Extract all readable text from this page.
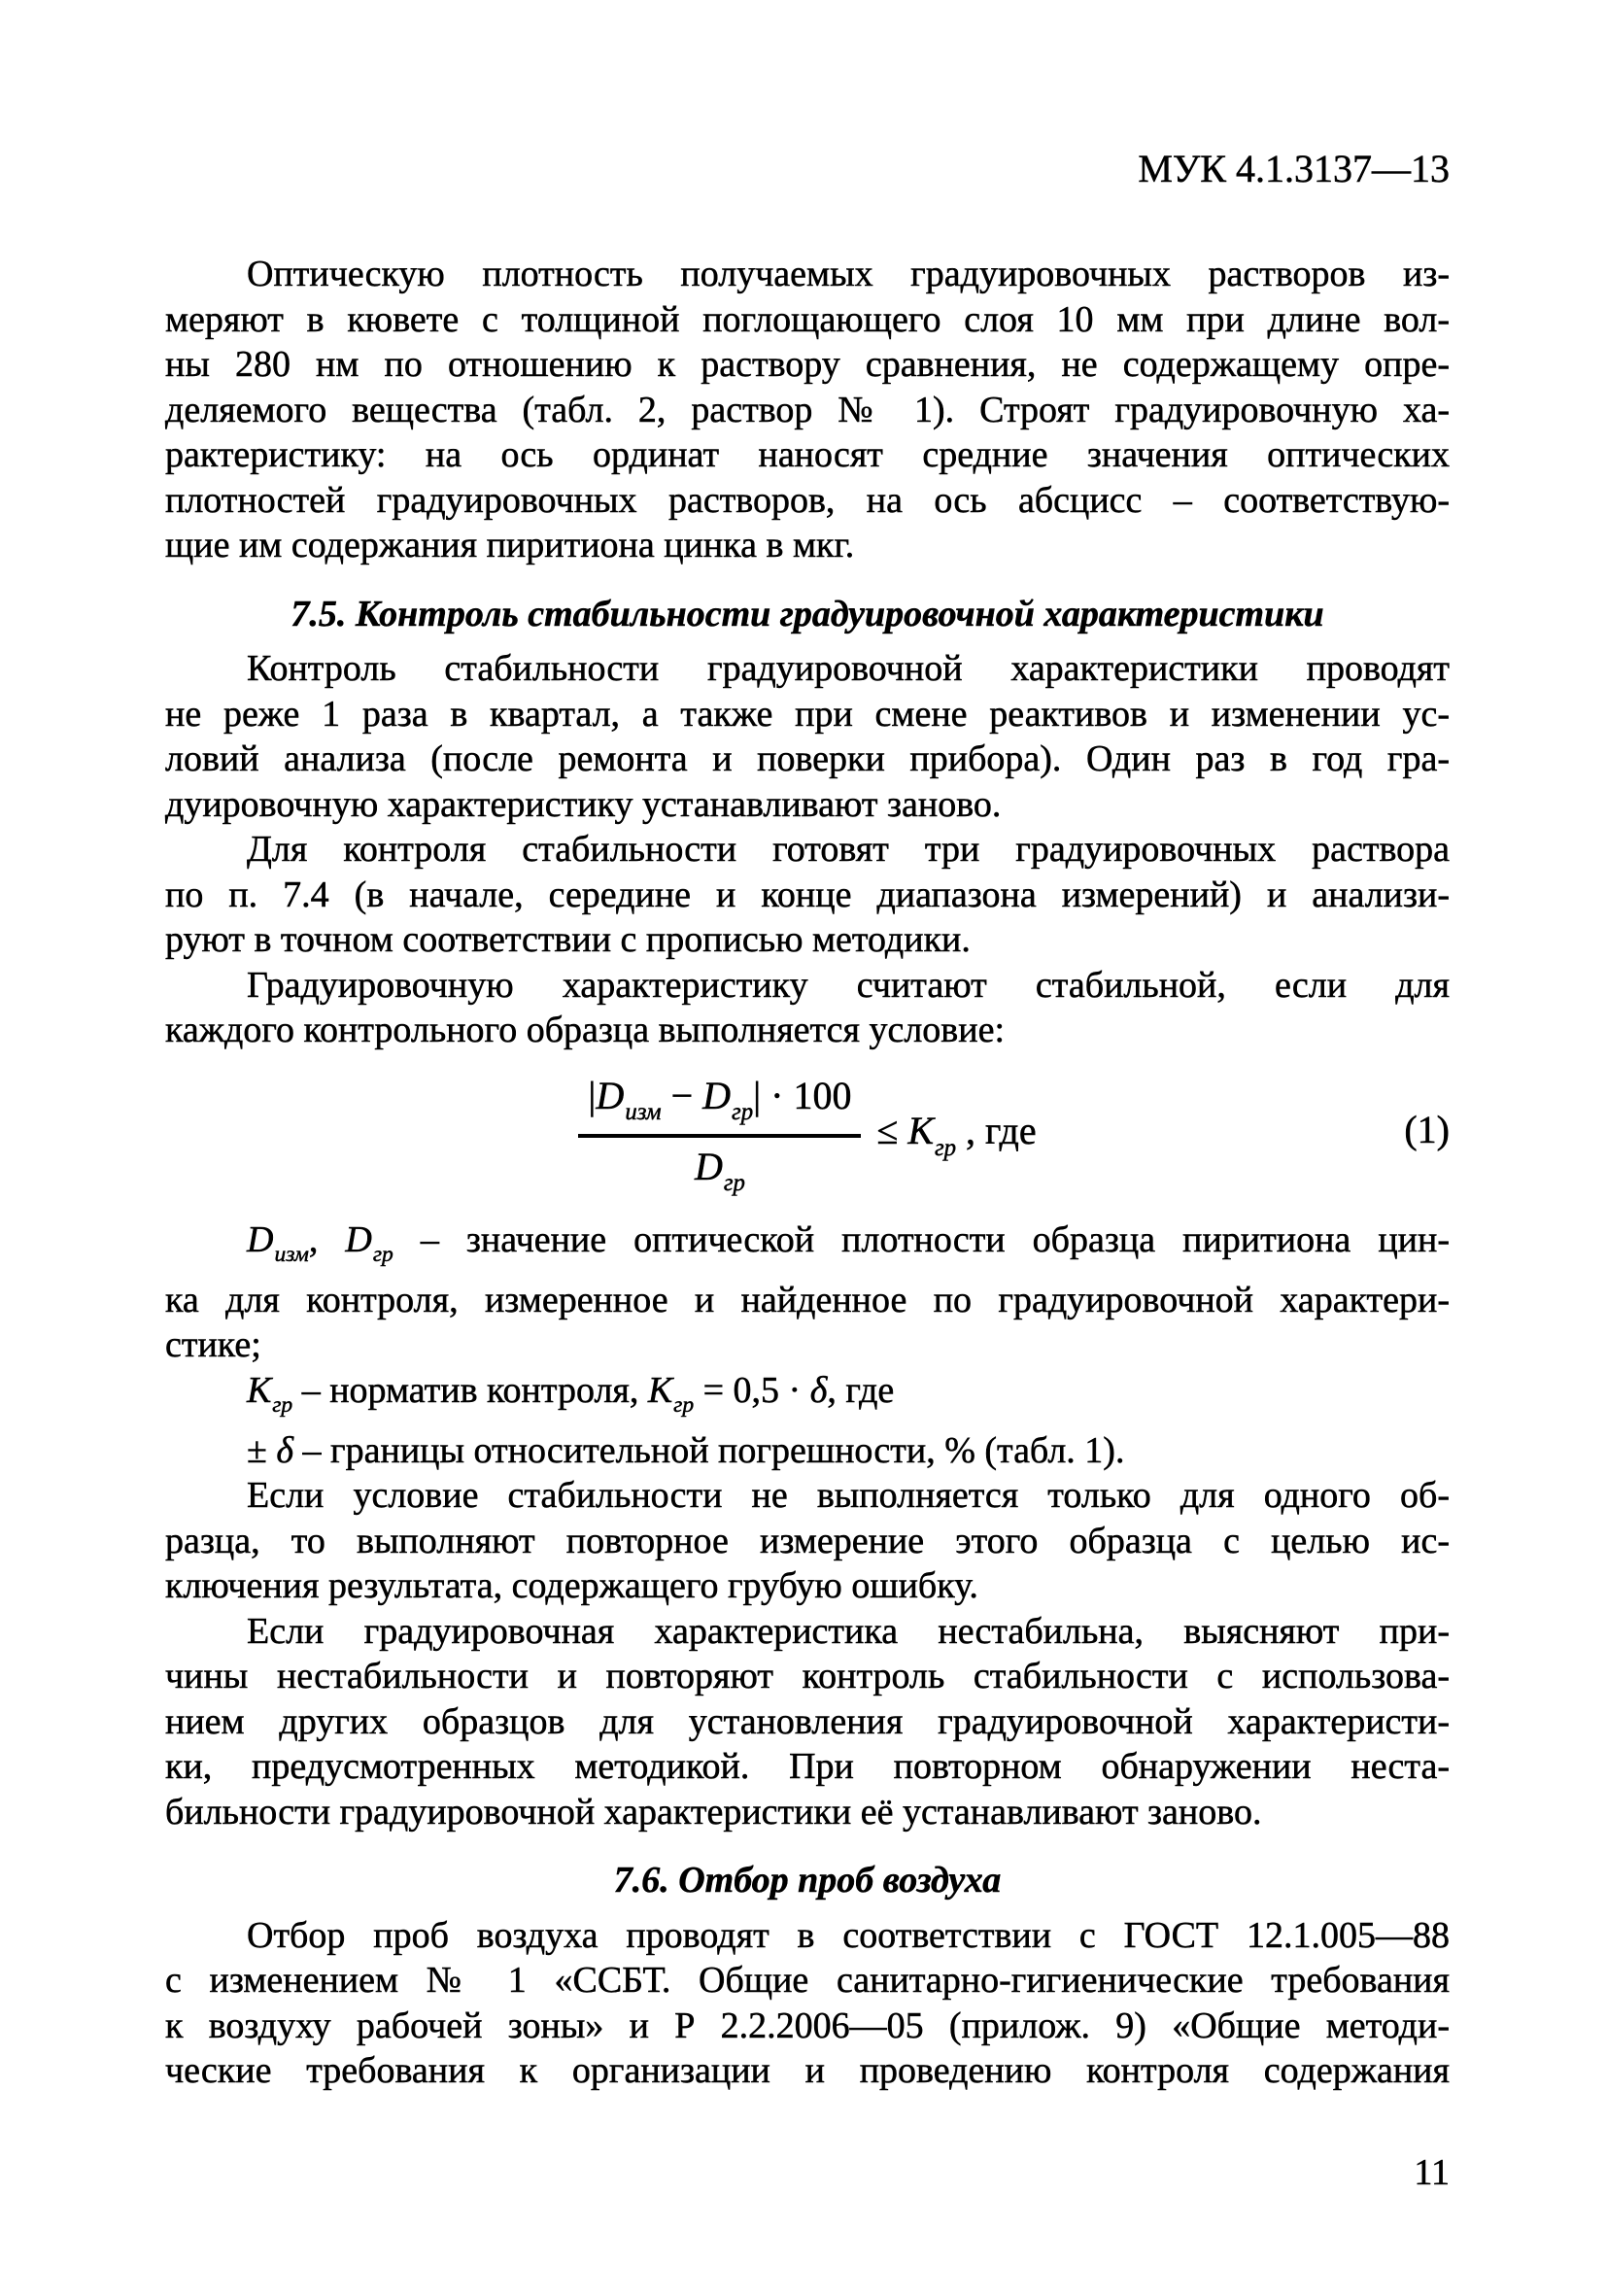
МУК 4.1.3137—13
Оптическую плотность получаемых градуировочных растворов из-
меряют в кювете с толщиной поглощающего слоя 10 мм при длине вол-
ны 280 нм по отношению к раствору сравнения, не содержащему опре-
деляемого вещества (табл. 2, раствор № 1). Строят градуировочную ха-
рактеристику: на ось ординат наносят средние значения оптических
плотностей градуировочных растворов, на ось абсцисс – соответствую-
щие им содержания пиритиона цинка в мкг.
7.5. Контроль стабильности градуировочной характеристики
Контроль стабильности градуировочной характеристики проводят
не реже 1 раза в квартал, а также при смене реактивов и изменении ус-
ловий анализа (после ремонта и поверки прибора). Один раз в год гра-
дуировочную характеристику устанавливают заново.
Для контроля стабильности готовят три градуировочных раствора
по п. 7.4 (в начале, середине и конце диапазона измерений) и анализи-
руют в точном соответствии с прописью методики.
Градуировочную характеристику считают стабильной, если для
каждого контрольного образца выполняется условие:
$\frac{|D_{изм} - D_{гр}| \cdot 100}{D_{гр}} \le К_{гр}$ , где	(1)
$D_{изм}$, $D_{гр}$ – значение оптической плотности образца пиритиона цин-
ка для контроля, измеренное и найденное по градуировочной характери-
стике;
$К_{гр}$ – норматив контроля, $К_{гр} = 0,5 \cdot \delta$, где
± δ – границы относительной погрешности, % (табл. 1).
Если условие стабильности не выполняется только для одного об-
разца, то выполняют повторное измерение этого образца с целью ис-
ключения результата, содержащего грубую ошибку.
Если градуировочная характеристика нестабильна, выясняют при-
чины нестабильности и повторяют контроль стабильности с использова-
нием других образцов для установления градуировочной характеристи-
ки, предусмотренных методикой. При повторном обнаружении неста-
бильности градуировочной характеристики её устанавливают заново.
7.6. Отбор проб воздуха
Отбор проб воздуха проводят в соответствии с ГОСТ 12.1.005—88
с изменением № 1 «ССБТ. Общие санитарно-гигиенические требования
к воздуху рабочей зоны» и Р 2.2.2006—05 (прилож. 9) «Общие методи-
ческие требования к организации и проведению контроля содержания
11
